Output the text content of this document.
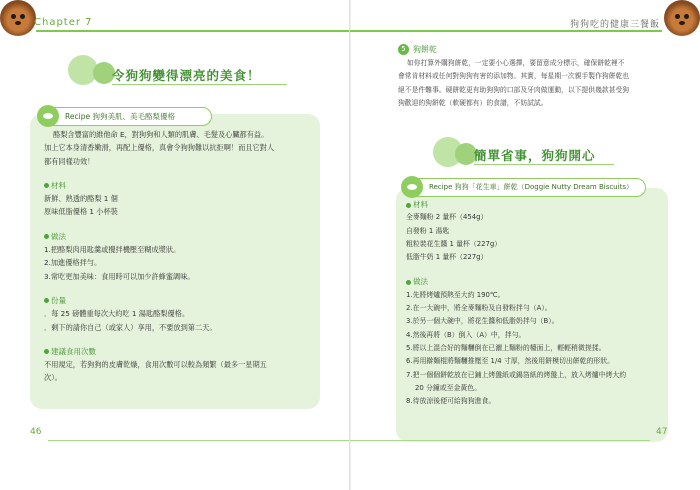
Chapter 7
令狗狗變得漂亮的美食！
Recipe 狗狗美肌、美毛酪梨優格
酪梨含豐富的維他命 E，對狗狗和人類的肌膚、毛髮及心臟都有益。
加上它本身清香嫩滑，再配上優格，真會令狗狗難以抗拒啊！而且它對人
都有同樣功效！
材料
新鮮、熟透的酪梨 1 個
原味低脂優格 1 小杯裝
做法
1.把酪梨肉用匙羹或攪拌機壓至糊成漿狀。
2.加進優格拌勻。
3.常吃更加美味：食用時可以加少許蜂蜜調味。
份量
．每 25 磅體重每次大約吃 1 湯匙酪梨優格。
．剩下的請你自己（或家人）享用，不要放到第二天。
建議食用次數
不用規定，若狗狗的皮膚乾燥，食用次數可以較為頻繁（最多一星期五
次）。
46
狗狗吃的健康三餐飯
簡單省事，狗狗開心
Recipe 狗狗「花生車」餅乾（Doggie Nutty Dream Biscuits）
材料
全麥麵粉 2 量杯（454g）
自發粉 1 湯匙
粗粒裝花生醬 1 量杯（227g）
低脂牛奶 1 量杯（227g）
做法
1.先將烤爐預熱至大約 190℃。
2.在一大碗中，將全麥麵粉及自發粉拌勻（A）。
3.於另一個大碗中，將花生醬和低脂奶拌勻（B）。
4.然後再將（B）倒入（A）中，拌勻。
5.將以上混合好的麵糰倒在已灑上麵粉的檯面上，輕輕稍微搓揉。
6.再用擀麵棍將麵糰推壓至 1/4 寸厚，然後用餅模切出餅乾的形狀。
7.把一個個餅乾放在已鋪上烤盤紙或錫箔紙的烤盤上，放入烤爐中烤大約
20 分鐘或至金黃色。
8.待放涼後便可給狗狗進食。
47
5 狗餅乾
如你打算外購狗餅乾，一定要小心選擇，要留意成分標示，確保餅乾裡不
會常肯材料或任何對狗狗有害的添加物。其實，每星期一次親手製作狗餅乾也
絕不是件難事。硬餅乾更有助狗狗的口部及牙肉做運動，以下提供幾款甚受狗
狗歡迎的狗餅乾（軟硬都有）的食譜，不妨試試。
